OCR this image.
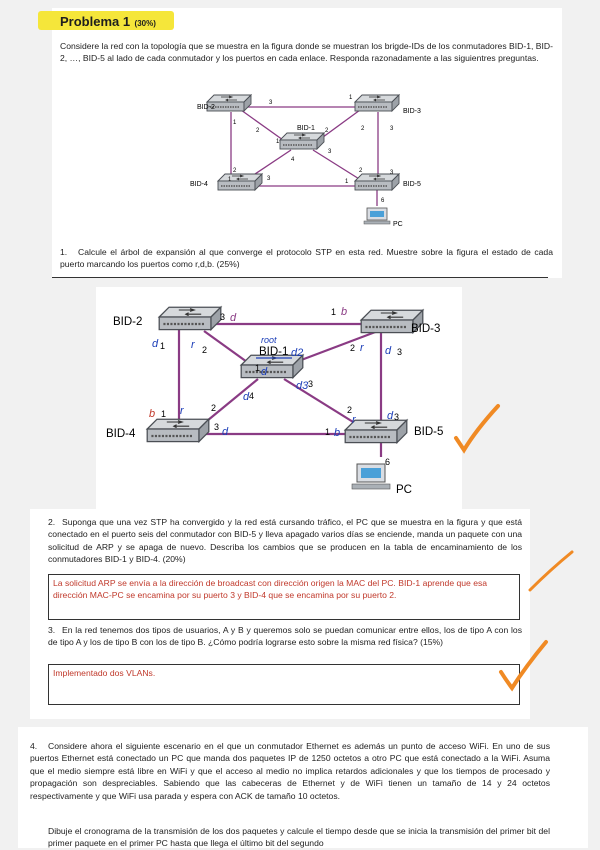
Problema 1 (30%)
Considere la red con la topología que se muestra en la figura donde se muestran los brigde-IDs de los conmutadores BID-1, BID-2, …, BID-5 al lado de cada conmutador y los puertos en cada enlace. Responda razonadamente a las siguientres preguntas.
BID-2
BID-3
BID-1
BID-4	BID-5
PC
3
1
1
2	2	2	3
1
4
3
2
1
2	3
3	1
6
1. Calcule el árbol de expansión al que converge el protocolo STP en esta red. Muestre sobre la figura el estado de cada puerto marcando los puertos como r,d,b. (25%)
BID-2
BID-3
BID-1
BID-4	BID-5
PC
3	1
1	2	2
1
3
4
3
2
1	2
3
3
1
6
d	b
d	r	root
d2	r d
d
d3
d
b r
d	b
r	d
2. Suponga que una vez STP ha convergido y la red está cursando tráfico, el PC que se muestra en la figura y que está conectado en el puerto seis del conmutador con BID-5 y lleva apagado varios días se enciende, manda un paquete con una solicitud de ARP y se apaga de nuevo. Describa los cambios que se producen en la tabla de encaminamiento de los conmutadores BID-1 y BID-4. (20%)
La solicitud ARP se envía a la dirección de broadcast con dirección origen la MAC del PC. BID-1 aprende que esa dirección MAC-PC se encamina por su puerto 3 y BID-4 que se encamina por su puerto 2.
3. En la red tenemos dos tipos de usuarios, A y B y queremos solo se puedan comunicar entre ellos, los de tipo A con los de tipo A y los de tipo B con los de tipo B. ¿Cómo podría lograrse esto sobre la misma red física? (15%)
Implementado dos VLANs.
4. Considere ahora el siguiente escenario en el que un conmutador Ethernet es además un punto de acceso WiFi. En uno de sus puertos Ethernet está conectado un PC que manda dos paquetes IP de 1250 octetos a otro PC que está conectado a la WiFi. Asuma que el medio siempre está libre en WiFi y que el acceso al medio no implica retardos adicionales y que los tiempos de procesado y propagación son despreciables. Sabiendo que las cabeceras de Ethernet y de WiFi tienen un tamaño de 14 y 24 octetos respectivamente y que WiFi usa parada y espera con ACK de tamaño 10 octetos.
Dibuje el cronograma de la transmisión de los dos paquetes y calcule el tiempo desde que se inicia la transmisión del primer bit del primer paquete en el primer PC hasta que llega el último bit del segundo
